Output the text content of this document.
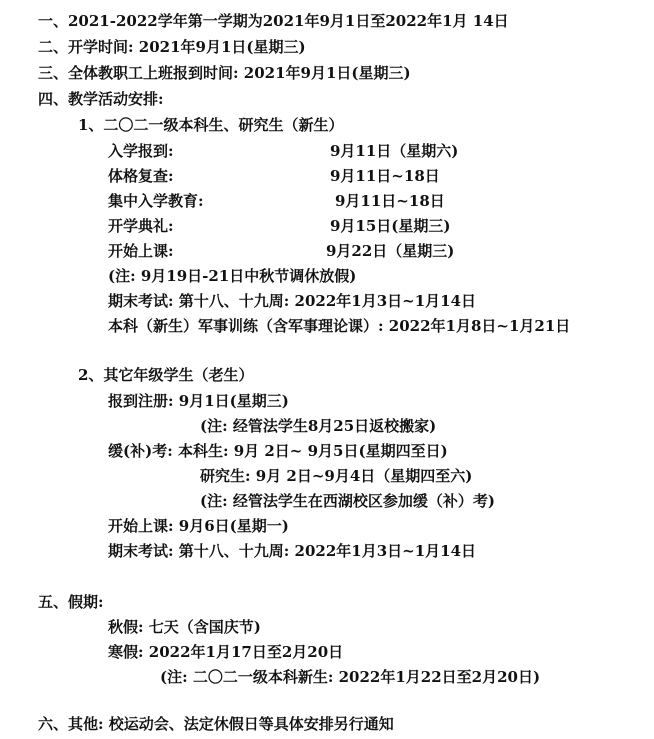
一、2021-2022学年第一学期为2021年9月1日至2022年1月 14日
二、开学时间: 2021年9月1日(星期三)
三、全体教职工上班报到时间: 2021年9月1日(星期三)
四、教学活动安排:
1、二〇二一级本科生、研究生（新生）
入学报到:	9月11日（星期六)
体格复查:	9月11日~18日
集中入学教育:	9月11日~18日
开学典礼:	9月15日(星期三)
开始上课:	9月22日（星期三)
(注: 9月19日-21日中秋节调休放假)
期末考试: 第十八、十九周: 2022年1月3日~1月14日
本科（新生）军事训练（含军事理论课）: 2022年1月8日~1月21日
2、其它年级学生（老生）
报到注册: 9月1日(星期三)
(注: 经管法学生8月25日返校搬家)
缓(补)考: 本科生: 9月 2日~ 9月5日(星期四至日)
研究生: 9月 2日~9月4日（星期四至六)
(注: 经管法学生在西湖校区参加缓（补）考)
开始上课: 9月6日(星期一)
期末考试: 第十八、十九周: 2022年1月3日~1月14日
五、假期:
秋假: 七天（含国庆节)
寒假: 2022年1月17日至2月20日
(注: 二〇二一级本科新生: 2022年1月22日至2月20日)
六、其他: 校运动会、法定休假日等具体安排另行通知
